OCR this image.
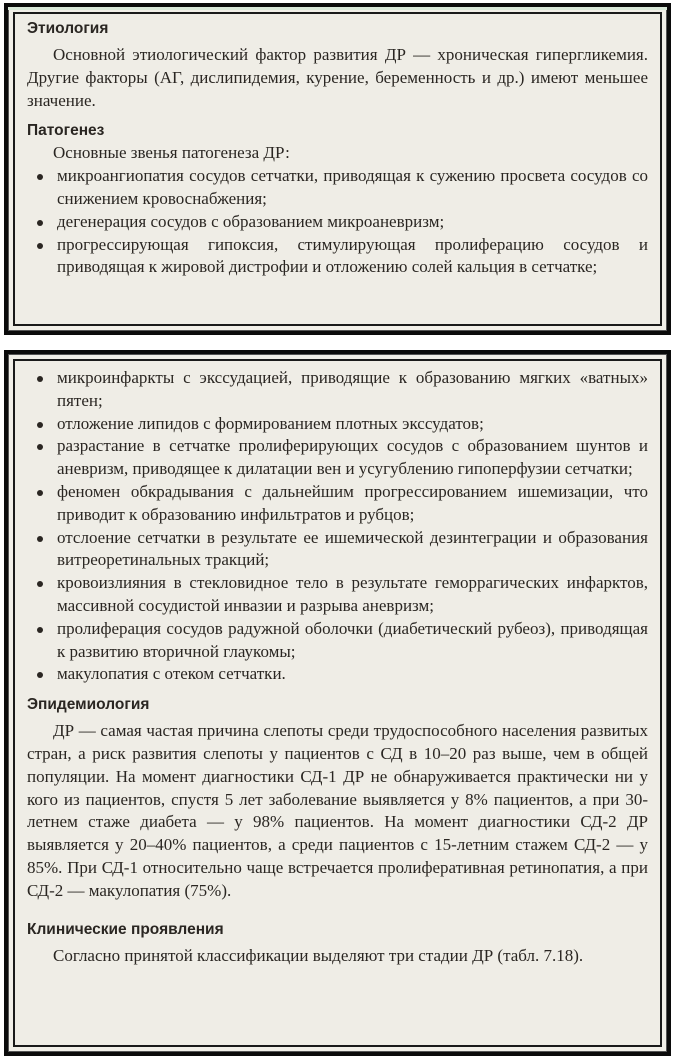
Этиология

Основной этиологический фактор развития ДР — хроническая гипергликемия. Другие факторы (АГ, дислипидемия, курение, беременность и др.) имеют меньшее значение.

Патогенез

Основные звенья патогенеза ДР:

микроангиопатия сосудов сетчатки, приводящая к сужению просвета сосудов со снижением кровоснабжения;
дегенерация сосудов с образованием микроаневризм;
прогрессирующая гипоксия, стимулирующая пролиферацию сосудов и приводящая к жировой дистрофии и отложению солей кальция в сетчатке;
микроинфаркты с экссудацией, приводящие к образованию мягких «ватных» пятен;
отложение липидов с формированием плотных экссудатов;
разрастание в сетчатке пролиферирующих сосудов с образованием шунтов и аневризм, приводящее к дилатации вен и усугублению гипоперфузии сетчатки;
феномен обкрадывания с дальнейшим прогрессированием ишемизации, что приводит к образованию инфильтратов и рубцов;
отслоение сетчатки в результате ее ишемической дезинтеграции и образования витреоретинальных тракций;
кровоизлияния в стекловидное тело в результате геморрагических инфарктов, массивной сосудистой инвазии и разрыва аневризм;
пролиферация сосудов радужной оболочки (диабетический рубеоз), приводящая к развитию вторичной глаукомы;
макулопатия с отеком сетчатки.
Эпидемиология

ДР — самая частая причина слепоты среди трудоспособного населения развитых стран, а риск развития слепоты у пациентов с СД в 10–20 раз выше, чем в общей популяции. На момент диагностики СД-1 ДР не обнаруживается практически ни у кого из пациентов, спустя 5 лет заболевание выявляется у 8% пациентов, а при 30-летнем стаже диабета — у 98% пациентов. На момент диагностики СД-2 ДР выявляется у 20–40% пациентов, а среди пациентов с 15-летним стажем СД-2 — у 85%. При СД-1 относительно чаще встречается пролиферативная ретинопатия, а при СД-2 — макулопатия (75%).

Клинические проявления

Согласно принятой классификации выделяют три стадии ДР (табл. 7.18).
